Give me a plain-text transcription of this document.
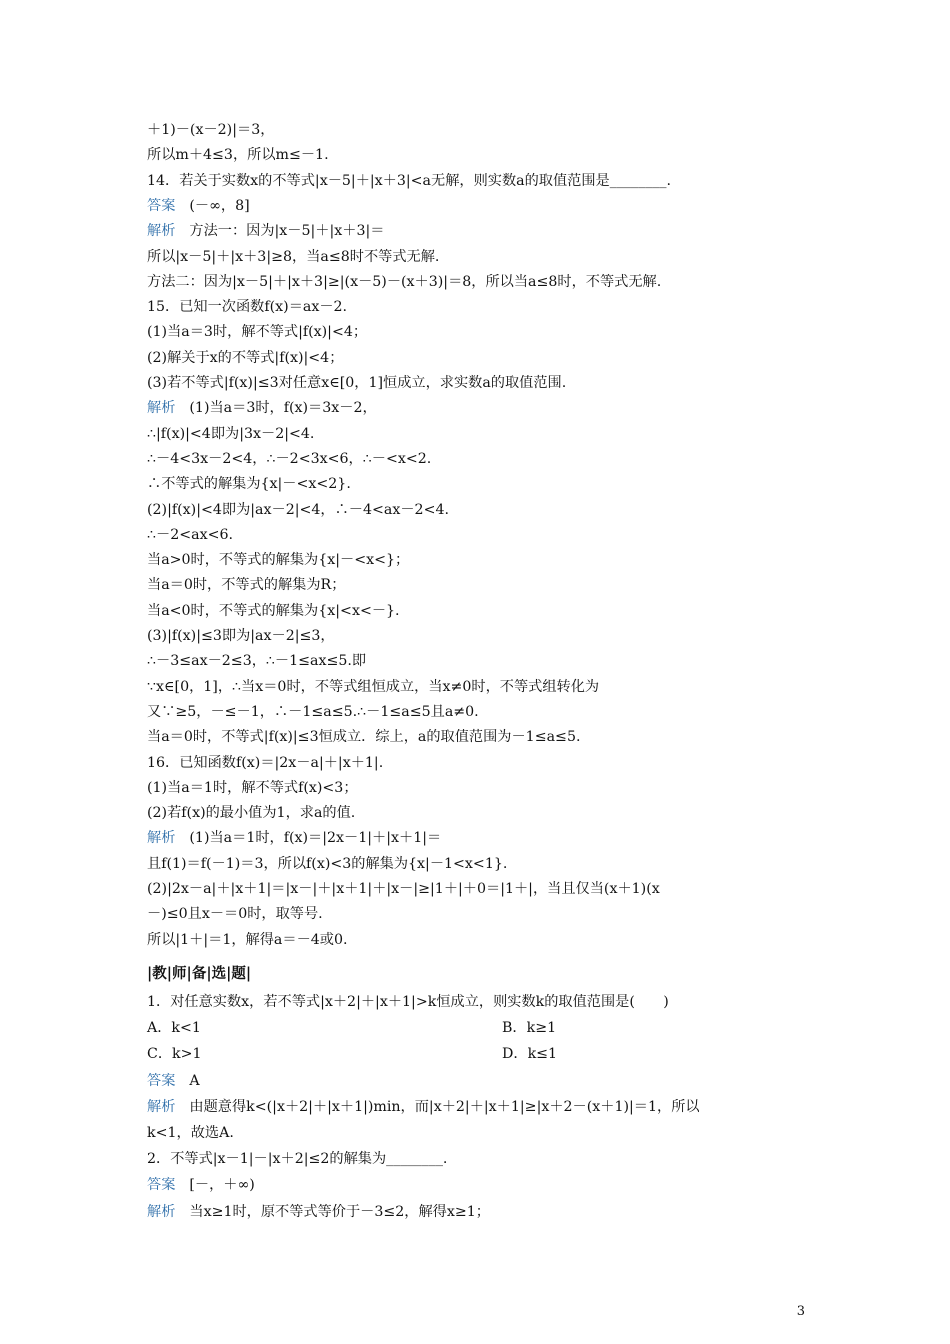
＋1)－(x－2)|＝3，
所以m＋4≤3，所以m≤－1.
14．若关于实数x的不等式|x－5|＋|x＋3|<a无解，则实数a的取值范围是________.
答案 (－∞，8]
解析 方法一：因为|x－5|＋|x＋3|＝
所以|x－5|＋|x＋3|≥8，当a≤8时不等式无解.
方法二：因为|x－5|＋|x＋3|≥|(x－5)－(x＋3)|＝8，所以当a≤8时，不等式无解.
15．已知一次函数f(x)＝ax－2.
(1)当a＝3时，解不等式|f(x)|<4；
(2)解关于x的不等式|f(x)|<4；
(3)若不等式|f(x)|≤3对任意x∈[0，1]恒成立，求实数a的取值范围.
解析 (1)当a＝3时，f(x)＝3x－2，
∴|f(x)|<4即为|3x－2|<4.
∴－4<3x－2<4，∴－2<3x<6，∴－<x<2.
∴不等式的解集为{x|－<x<2}.
(2)|f(x)|<4即为|ax－2|<4，∴－4<ax－2<4.
∴－2<ax<6.
当a>0时，不等式的解集为{x|－<x<}；
当a＝0时，不等式的解集为R；
当a<0时，不等式的解集为{x|<x<－}.
(3)|f(x)|≤3即为|ax－2|≤3，
∴－3≤ax－2≤3，∴－1≤ax≤5.即
∵x∈[0，1]，∴当x＝0时，不等式组恒成立，当x≠0时，不等式组转化为
又∵≥5，－≤－1，∴－1≤a≤5.∴－1≤a≤5且a≠0.
当a＝0时，不等式|f(x)|≤3恒成立．综上，a的取值范围为－1≤a≤5.
16．已知函数f(x)＝|2x－a|＋|x＋1|.
(1)当a＝1时，解不等式f(x)<3；
(2)若f(x)的最小值为1，求a的值.
解析 (1)当a＝1时，f(x)＝|2x－1|＋|x＋1|＝
且f(1)＝f(－1)＝3，所以f(x)<3的解集为{x|－1<x<1}.
(2)|2x－a|＋|x＋1|＝|x－|＋|x＋1|＋|x－|≥|1＋|＋0＝|1＋|，当且仅当(x＋1)(x
－)≤0且x－＝0时，取等号.
所以|1＋|＝1，解得a＝－4或0.
|教|师|备|选|题|
1．对任意实数x，若不等式|x＋2|＋|x＋1|>k恒成立，则实数k的取值范围是(　　)
A．k<1	B．k≥1
C．k>1	D．k≤1
答案 A
解析 由题意得k<(|x＋2|＋|x＋1|)min，而|x＋2|＋|x＋1|≥|x＋2－(x＋1)|＝1，所以
k<1，故选A.
2．不等式|x－1|－|x＋2|≤2的解集为________.
答案 [－，＋∞)
解析 当x≥1时，原不等式等价于－3≤2，解得x≥1；
3
